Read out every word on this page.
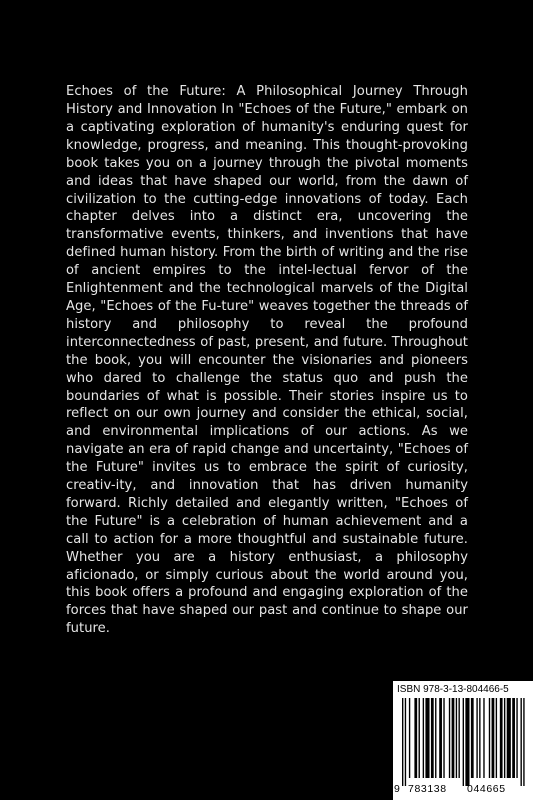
Echoes of the Future: A Philosophical Journey Through History and Innovation In "Echoes of the Future," embark on a captivating exploration of humanity's enduring quest for knowledge, progress, and meaning. This thought-provoking book takes you on a journey through the pivotal moments and ideas that have shaped our world, from the dawn of civilization to the cutting-edge innovations of today. Each chapter delves into a distinct era, uncovering the transformative events, thinkers, and inventions that have defined human history. From the birth of writing and the rise of ancient empires to the intel-lectual fervor of the Enlightenment and the technological marvels of the Digital Age, "Echoes of the Fu-ture" weaves together the threads of history and philosophy to reveal the profound interconnectedness of past, present, and future. Throughout the book, you will encounter the visionaries and pioneers who dared to challenge the status quo and push the boundaries of what is possible. Their stories inspire us to reflect on our own journey and consider the ethical, social, and environmental implications of our actions. As we navigate an era of rapid change and uncertainty, "Echoes of the Future" invites us to embrace the spirit of curiosity, creativ-ity, and innovation that has driven humanity forward. Richly detailed and elegantly written, "Echoes of the Future" is a celebration of human achievement and a call to action for a more thoughtful and sustainable future. Whether you are a history enthusiast, a philosophy aficionado, or simply curious about the world around you, this book offers a profound and engaging exploration of the forces that have shaped our past and continue to shape our future.

ISBN 978-3-13-804466-5
9 783138 044665
